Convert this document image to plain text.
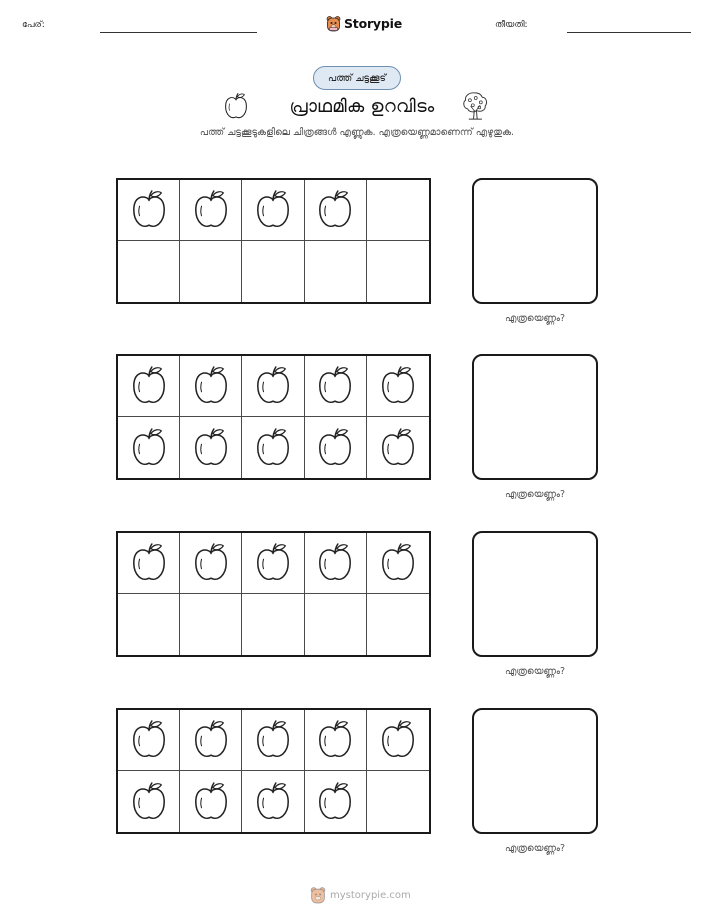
പേര്:	Storypie	തീയതി:
പത്ത് ചട്ടക്കൂട്
പ്രാഥമിക ഉറവിടം
പത്ത് ചട്ടക്കൂടുകളിലെ ചിത്രങ്ങൾ എണ്ണുക. എത്രയെണ്ണമാണെന്ന് എഴുതുക.
എത്രയെണ്ണം?
എത്രയെണ്ണം?
എത്രയെണ്ണം?
എത്രയെണ്ണം?
mystorypie.com
